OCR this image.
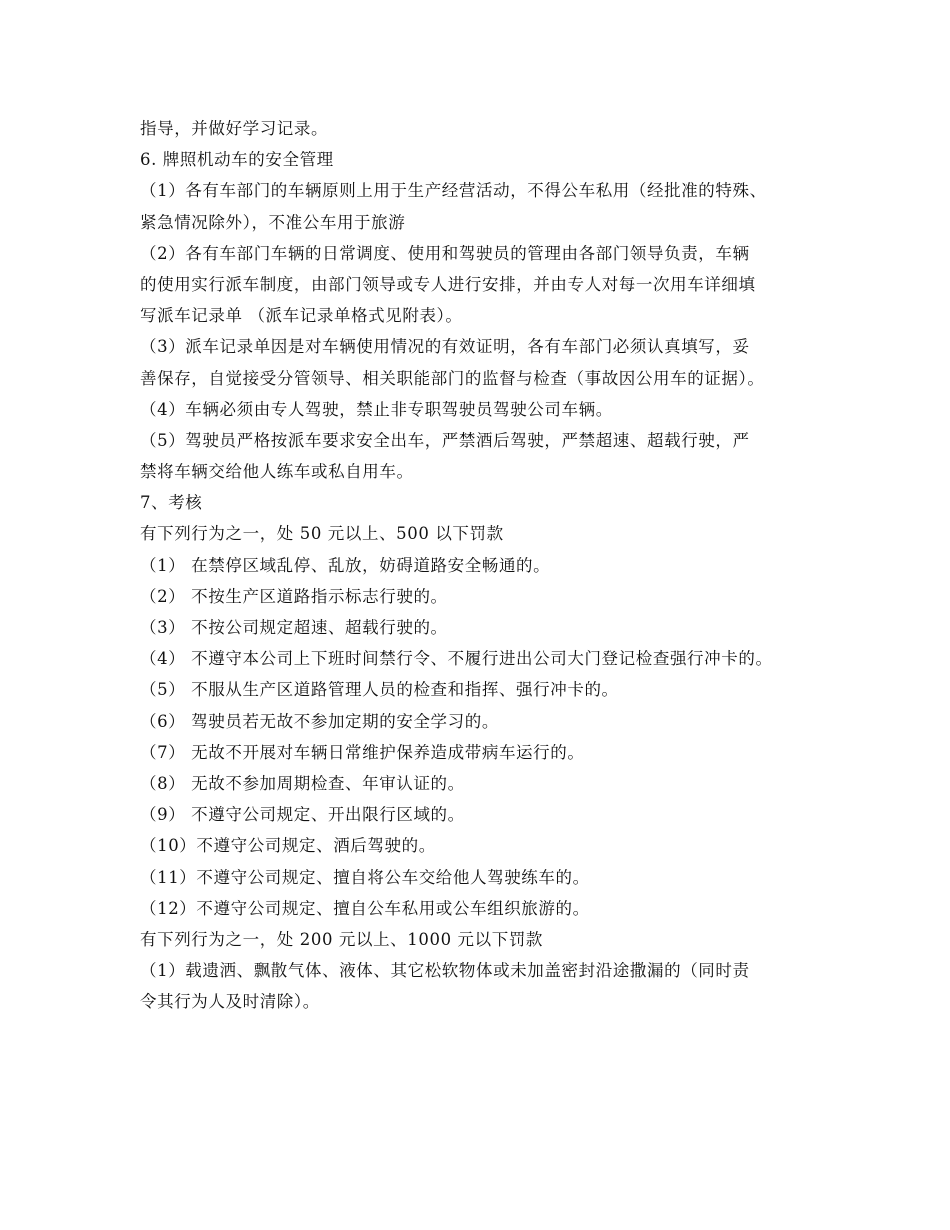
指导，并做好学习记录。
6. 牌照机动车的安全管理
（1）各有车部门的车辆原则上用于生产经营活动，不得公车私用（经批准的特殊、
紧急情况除外），不准公车用于旅游
（2）各有车部门车辆的日常调度、使用和驾驶员的管理由各部门领导负责，车辆
的使用实行派车制度，由部门领导或专人进行安排，并由专人对每一次用车详细填
写派车记录单 （派车记录单格式见附表）。
（3）派车记录单因是对车辆使用情况的有效证明，各有车部门必须认真填写，妥
善保存，自觉接受分管领导、相关职能部门的监督与检查（事故因公用车的证据）。
（4）车辆必须由专人驾驶，禁止非专职驾驶员驾驶公司车辆。
（5）驾驶员严格按派车要求安全出车，严禁酒后驾驶，严禁超速、超载行驶，严
禁将车辆交给他人练车或私自用车。
7、考核
有下列行为之一，处 50 元以上、500 以下罚款
（1） 在禁停区域乱停、乱放，妨碍道路安全畅通的。
（2） 不按生产区道路指示标志行驶的。
（3） 不按公司规定超速、超载行驶的。
（4） 不遵守本公司上下班时间禁行令、不履行进出公司大门登记检查强行冲卡的。
（5） 不服从生产区道路管理人员的检查和指挥、强行冲卡的。
（6） 驾驶员若无故不参加定期的安全学习的。
（7） 无故不开展对车辆日常维护保养造成带病车运行的。
（8） 无故不参加周期检查、年审认证的。
（9） 不遵守公司规定、开出限行区域的。
（10）不遵守公司规定、酒后驾驶的。
（11）不遵守公司规定、擅自将公车交给他人驾驶练车的。
（12）不遵守公司规定、擅自公车私用或公车组织旅游的。
有下列行为之一，处 200 元以上、1000 元以下罚款
（1）载遗洒、飘散气体、液体、其它松软物体或未加盖密封沿途撒漏的（同时责
令其行为人及时清除）。
